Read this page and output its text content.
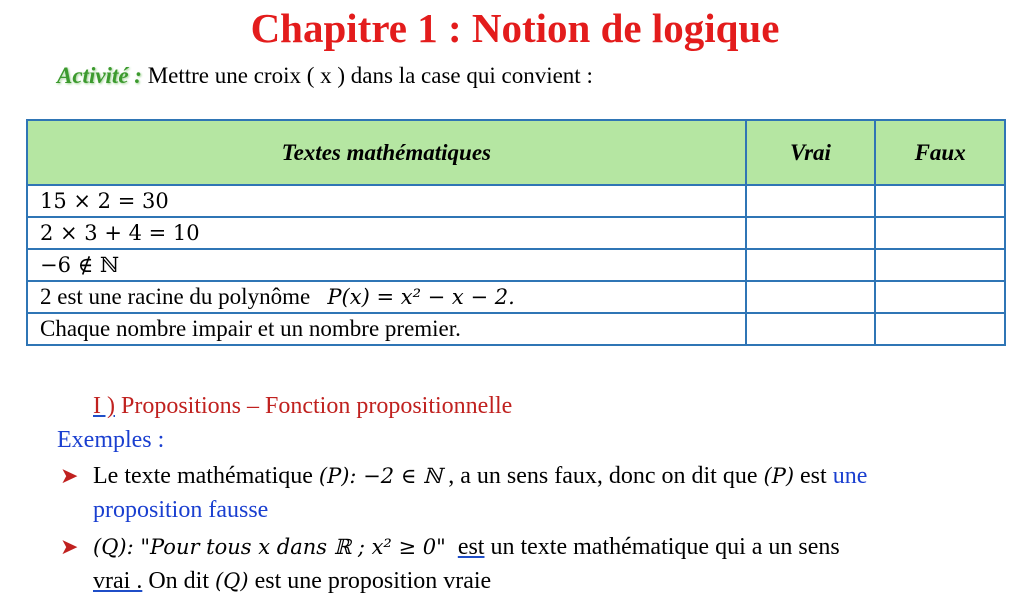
Chapitre 1 : Notion de logique
Activité : Mettre une croix ( x ) dans la case qui convient :
Textes mathématiques	Vrai	Faux
15 × 2 = 30		
2 × 3 + 4 = 10		
−6 ∉ ℕ		
2 est une racine du polynôme P(x) = x² − x − 2.		
Chaque nombre impair et un nombre premier.		
I ) Propositions – Fonction propositionnelle
Exemples :
➤ Le texte mathématique (P): −2 ∈ ℕ , a un sens faux, donc on dit que (P) est une
proposition fausse
➤ (Q): "Pour tous x dans ℝ ; x² ≥ 0" est un texte mathématique qui a un sens
vrai . On dit (Q) est une proposition vraie
